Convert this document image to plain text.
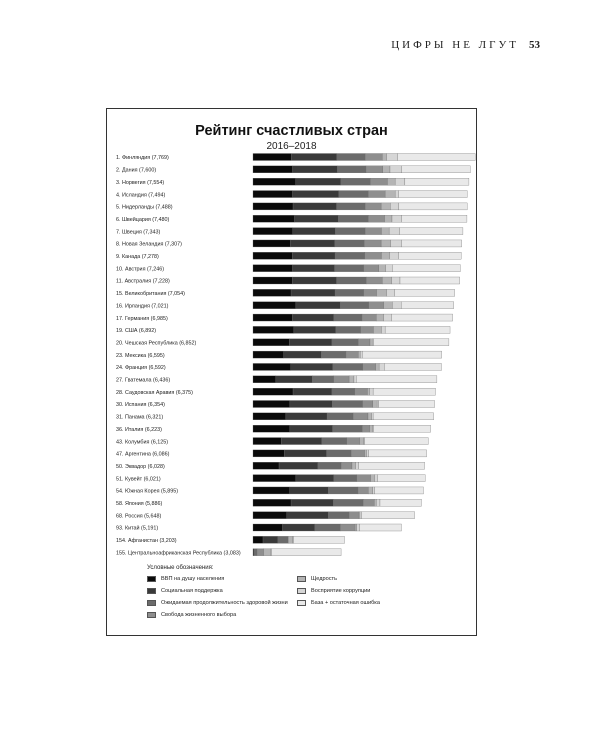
ЦИФРЫ НЕ ЛГУТ 53
Рейтинг счастливых стран
2016–2018
1. Финляндия (7,769)
2. Дания (7,600)
3. Норвегия (7,554)
4. Исландия (7,494)
5. Нидерланды (7,488)
6. Швейцария (7,480)
7. Швеция (7,343)
8. Новая Зеландия (7,307)
9. Канада (7,278)
10. Австрия (7,246)
11. Австралия (7,228)
15. Великобритания (7,054)
16. Ирландия (7,021)
17. Германия (6,985)
19. США (6,892)
20. Чешская Республика (6,852)
23. Мексика (6,595)
24. Франция (6,592)
27. Гватемала (6,436)
28. Саудовская Аравия (6,375)
30. Испания (6,354)
31. Панама (6,321)
36. Италия (6,223)
43. Колумбия (6,125)
47. Аргентина (6,086)
50. Эквадор (6,028)
51. Кувейт (6,021)
54. Южная Корея (5,895)
58. Япония (5,886)
68. Россия (5,648)
93. Китай (5,191)
154. Афганистан (3,203)
155. Центральноафриканская Республика (3,083)
Условные обозначения:
ВВП на душу населения	Щедрость
Социальная поддержка	Восприятие коррупции
Ожидаемая продолжительность здоровой жизни	База + остаточная ошибка
Свобода жизненного выбора
